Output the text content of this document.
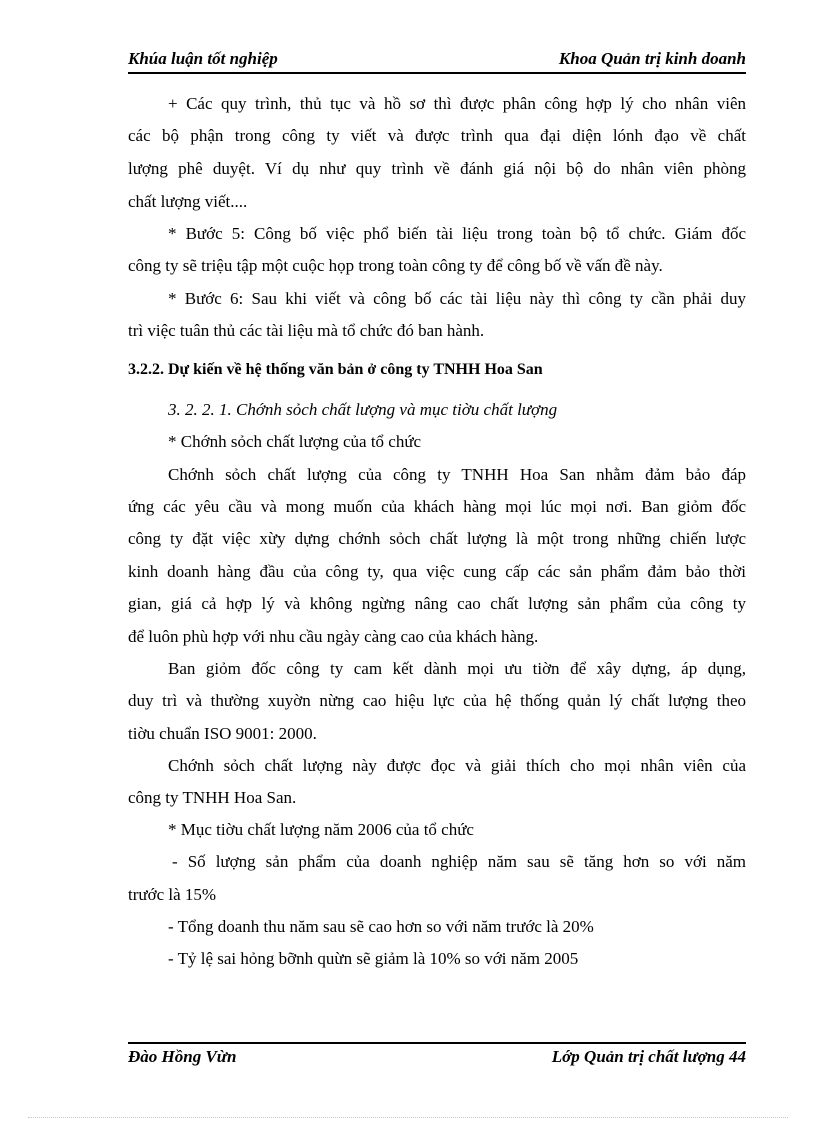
Khúa luận tốt nghiệp	Khoa Quản trị kinh doanh
+ Các quy trình, thủ tục và hồ sơ thì được phân công hợp lý cho nhân viên
các bộ phận trong công ty viết và được trình qua đại diện lónh đạo về chất
lượng phê duyệt. Ví dụ như quy trình về đánh giá nội bộ do nhân viên phòng
chất lượng viết....
* Bước 5: Công bố việc phổ biến tài liệu trong toàn bộ tổ chức. Giám đốc
công ty sẽ triệu tập một cuộc họp trong toàn công ty để công bố về vấn đề này.
* Bước 6: Sau khi viết và công bố các tài liệu này thì công ty cần phải duy
trì việc tuân thủ các tài liệu mà tổ chức đó ban hành.
3.2.2. Dự kiến về hệ thống văn bản ở công ty TNHH Hoa San
3. 2. 2. 1. Chớnh sỏch chất lượng và mục tiờu chất lượng
* Chớnh sỏch chất lượng của tổ chức
Chớnh sỏch chất lượng của công ty TNHH Hoa San nhằm đảm bảo đáp
ứng các yêu cầu và mong muốn của khách hàng mọi lúc mọi nơi. Ban giỏm đốc
công ty đặt việc xừy dựng chớnh sỏch chất lượng là một trong những chiến lược
kinh doanh hàng đầu của công ty, qua việc cung cấp các sản phẩm đảm bảo thời
gian, giá cả hợp lý và không ngừng nâng cao chất lượng sản phẩm của công ty
để luôn phù hợp với nhu cầu ngày càng cao của khách hàng.
Ban giỏm đốc công ty cam kết dành mọi ưu tiờn để xây dựng, áp dụng,
duy trì và thường xuyờn nừng cao hiệu lực của hệ thống quản lý chất lượng theo
tiờu chuẩn ISO 9001: 2000.
Chớnh sỏch chất lượng này được đọc và giải thích cho mọi nhân viên của
công ty TNHH Hoa San.
* Mục tiờu chất lượng năm 2006 của tổ chức
- Số lượng sản phẩm của doanh nghiệp năm sau sẽ tăng hơn so với năm
trước là 15%
- Tổng doanh thu năm sau sẽ cao hơn so với năm trước là 20%
- Tỷ lệ sai hỏng bỡnh quừn sẽ giảm là 10% so với năm 2005
Đào Hồng Vừn	Lớp Quản trị chất lượng 44
